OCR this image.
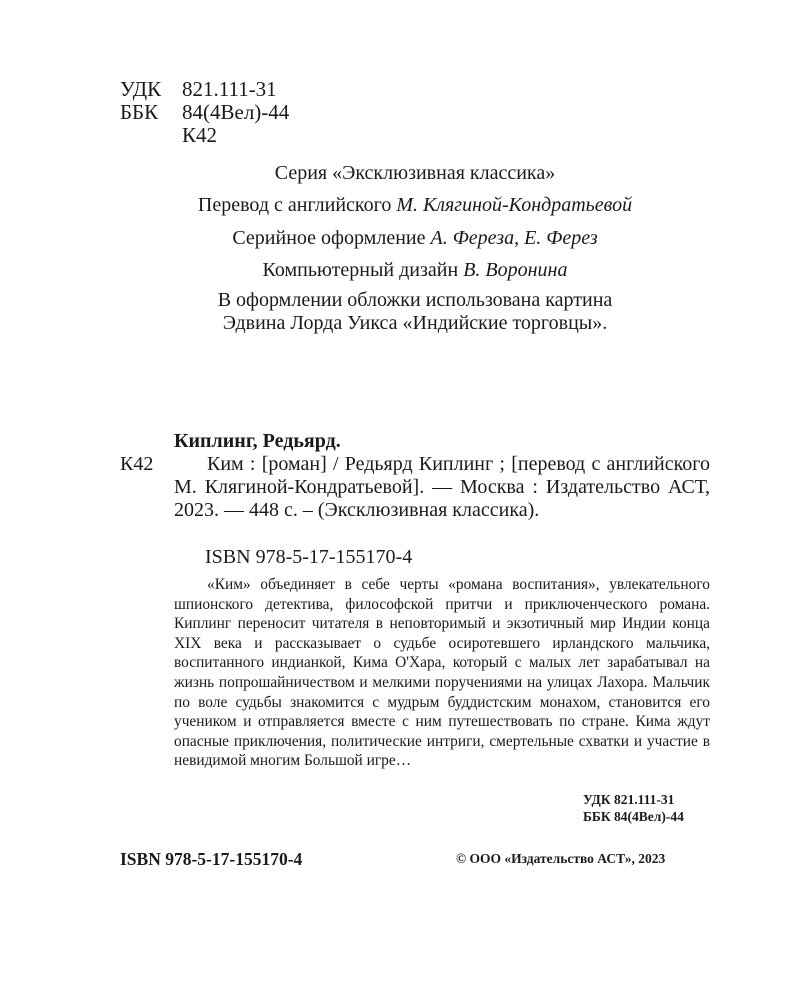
УДК 821.111-31
ББК	84(4Вел)-44
К42
Серия «Эксклюзивная классика»
Перевод с английского М. Клягиной-Кондратьевой
Серийное оформление А. Фереза, Е. Ферез
Компьютерный дизайн В. Воронина
В оформлении обложки использована картина
Эдвина Лорда Уикса «Индийские торговцы».
Киплинг, Редьярд.
К42	Ким : [роман] / Редьярд Киплинг ; [перевод с английского М. Клягиной-Кондратьевой]. — Москва : Издательство АСТ, 2023. — 448 с. – (Эксклюзивная классика).
ISBN 978-5-17-155170-4
«Ким» объединяет в себе черты «романа воспитания», увлекательного шпионского детектива, философской притчи и приключенческого романа. Киплинг переносит читателя в неповторимый и экзотичный мир Индии конца XIX века и рассказывает о судьбе осиротевшего ирландского мальчика, воспитанного индианкой, Кима О'Хара, который с малых лет зарабатывал на жизнь попрошайничеством и мелкими поручениями на улицах Лахора. Мальчик по воле судьбы знакомится с мудрым буддистским монахом, становится его учеником и отправляется вместе с ним путешествовать по стране. Кима ждут опасные приключения, политические интриги, смертельные схватки и участие в невидимой многим Большой игре…
УДК 821.111-31
ББК 84(4Вел)-44
ISBN 978-5-17-155170-4	© ООО «Издательство АСТ», 2023
